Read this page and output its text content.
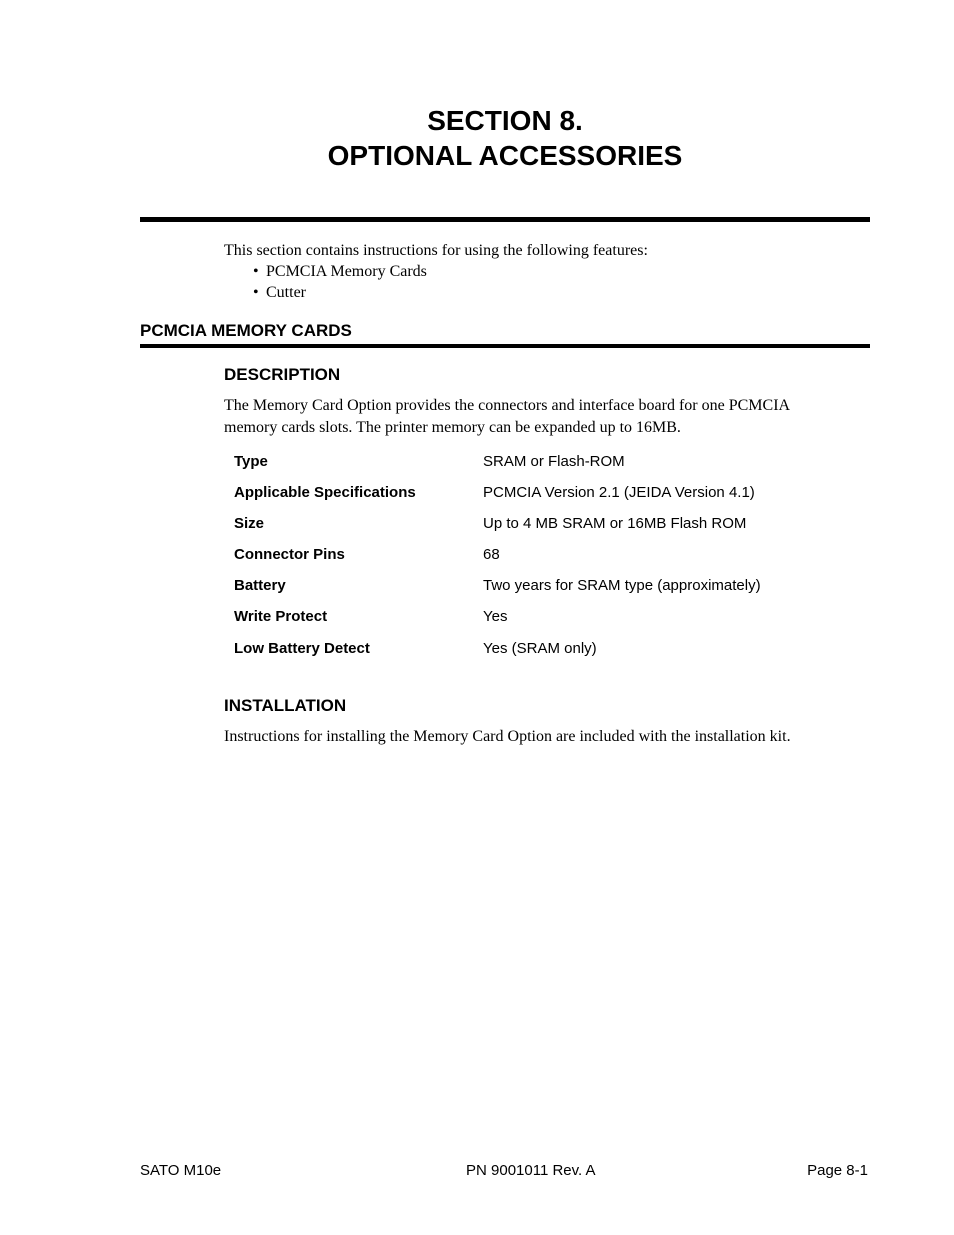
SECTION 8.
OPTIONAL ACCESSORIES
This section contains instructions for using the following features:
• PCMCIA Memory Cards
• Cutter
PCMCIA MEMORY CARDS
DESCRIPTION
The Memory Card Option provides the connectors and interface board for one PCMCIA
memory cards slots. The printer memory can be expanded up to 16MB.
Type	SRAM or Flash-ROM
Applicable Specifications	PCMCIA Version 2.1 (JEIDA Version 4.1)
Size	Up to 4 MB SRAM or 16MB Flash ROM
Connector Pins	68
Battery	Two years for SRAM type (approximately)
Write Protect	Yes
Low Battery Detect	Yes (SRAM only)
INSTALLATION
Instructions for installing the Memory Card Option are included with the installation kit.
SATO M10e	PN 9001011 Rev. A	Page 8-1
